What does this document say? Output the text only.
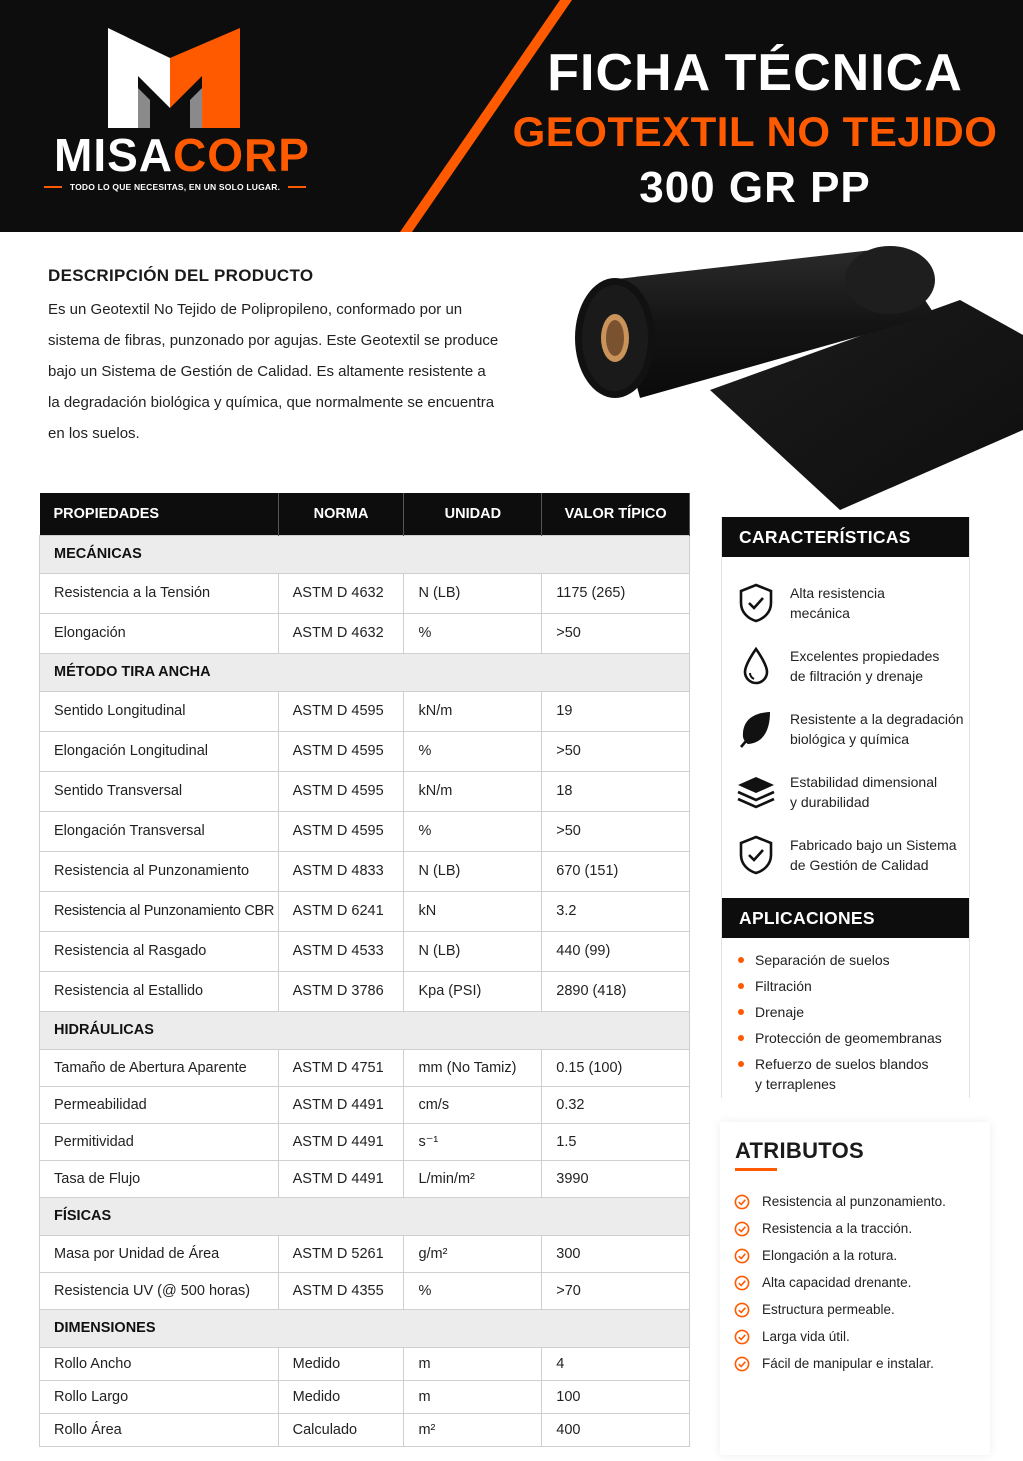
MISACORP
TODO LO QUE NECESITAS, EN UN SOLO LUGAR.
FICHA TÉCNICA
GEOTEXTIL NO TEJIDO
300 GR PP
DESCRIPCIÓN DEL PRODUCTO

Es un Geotextil No Tejido de Polipropileno, conformado por un
sistema de fibras, punzonado por agujas. Este Geotextil se produce
bajo un Sistema de Gestión de Calidad. Es altamente resistente a
la degradación biológica y química, que normalmente se encuentra
en los suelos.

PROPIEDADES	NORMA	UNIDAD	VALOR TÍPICO
MECÁNICAS			
Resistencia a la Tensión	ASTM D 4632	N (LB)	1175 (265)
Elongación	ASTM D 4632	%	>50
MÉTODO TIRA ANCHA			
Sentido Longitudinal	ASTM D 4595	kN/m	19
Elongación Longitudinal	ASTM D 4595	%	>50
Sentido Transversal	ASTM D 4595	kN/m	18
Elongación Transversal	ASTM D 4595	%	>50
Resistencia al Punzonamiento	ASTM D 4833	N (LB)	670 (151)
Resistencia al Punzonamiento CBR	ASTM D 6241	kN	3.2
Resistencia al Rasgado	ASTM D 4533	N (LB)	440 (99)
Resistencia al Estallido	ASTM D 3786	Kpa (PSI)	2890 (418)
HIDRÁULICAS			
Tamaño de Abertura Aparente	ASTM D 4751	mm (No Tamiz)	0.15 (100)
Permeabilidad	ASTM D 4491	cm/s	0.32
Permitividad	ASTM D 4491	s⁻¹	1.5
Tasa de Flujo	ASTM D 4491	L/min/m²	3990
FÍSICAS			
Masa por Unidad de Área	ASTM D 5261	g/m²	300
Resistencia UV (@ 500 horas)	ASTM D 4355	%	>70
DIMENSIONES			
Rollo Ancho	Medido	m	4
Rollo Largo	Medido	m	100
Rollo Área	Calculado	m²	400
CARACTERÍSTICAS
Alta resistencia
mecánica
Excelentes propiedades
de filtración y drenaje
Resistente a la degradación
biológica y química
Estabilidad dimensional
y durabilidad
Fabricado bajo un Sistema
de Gestión de Calidad
APLICACIONES
Separación de suelos
Filtración
Drenaje
Protección de geomembranas
Refuerzo de suelos blandos
y terraplenes
ATRIBUTOS
Resistencia al punzonamiento.
Resistencia a la tracción.
Elongación a la rotura.
Alta capacidad drenante.
Estructura permeable.
Larga vida útil.
Fácil de manipular e instalar.
